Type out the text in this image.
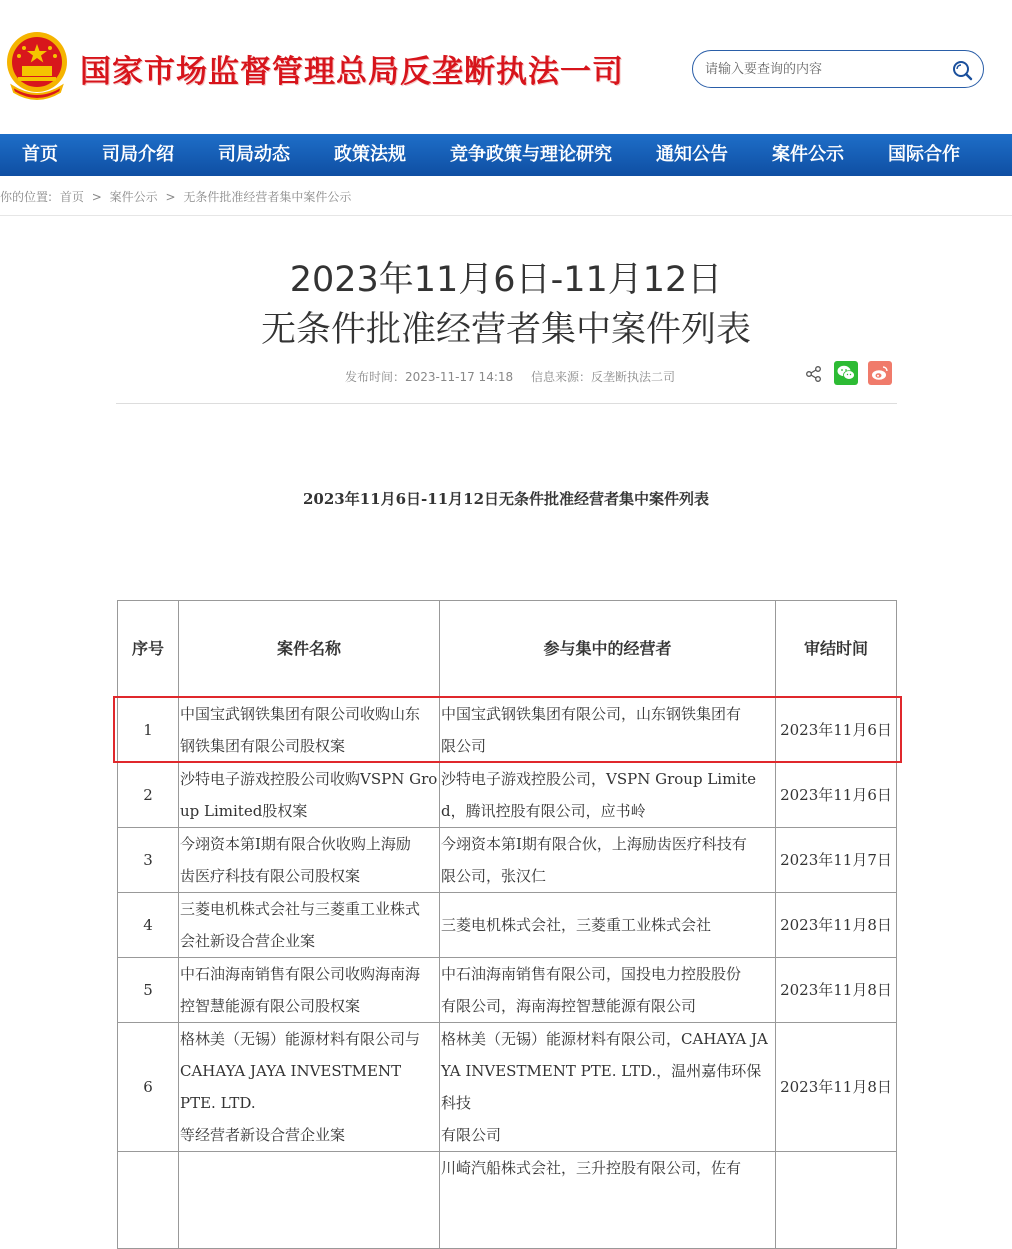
国家市场监督管理总局反垄断执法一司
请输入要查询的内容
首页 司局介绍 司局动态 政策法规 竞争政策与理论研究 通知公告 案件公示 国际合作
你的位置: 首页 > 案件公示 > 无条件批准经营者集中案件公示
2023年11月6日-11月12日
无条件批准经营者集中案件列表
发布时间：2023-11-17 14:18 信息来源：反垄断执法二司
2023年11月6日-11月12日无条件批准经营者集中案件列表
序号	案件名称	参与集中的经营者	审结时间
1	中国宝武钢铁集团有限公司收购山东
钢铁集团有限公司股权案	中国宝武钢铁集团有限公司，山东钢铁集团有
限公司	2023年11月6日
2	沙特电子游戏控股公司收购VSPN Gro
up Limited股权案	沙特电子游戏控股公司，VSPN Group Limite
d，腾讯控股有限公司，应书岭	2023年11月6日
3	今翊资本第I期有限合伙收购上海励
齿医疗科技有限公司股权案	今翊资本第I期有限合伙，上海励齿医疗科技有
限公司，张汉仁	2023年11月7日
4	三菱电机株式会社与三菱重工业株式
会社新设合营企业案	三菱电机株式会社，三菱重工业株式会社	2023年11月8日
5	中石油海南销售有限公司收购海南海
控智慧能源有限公司股权案	中石油海南销售有限公司，国投电力控股股份
有限公司，海南海控智慧能源有限公司	2023年11月8日
6	格林美（无锡）能源材料有限公司与
CAHAYA JAYA INVESTMENT PTE. LTD.
等经营者新设合营企业案	格林美（无锡）能源材料有限公司，CAHAYA JA
YA INVESTMENT PTE. LTD.，温州嘉伟环保科技
有限公司	2023年11月8日
		川崎汽船株式会社，三升控股有限公司，佐有	
